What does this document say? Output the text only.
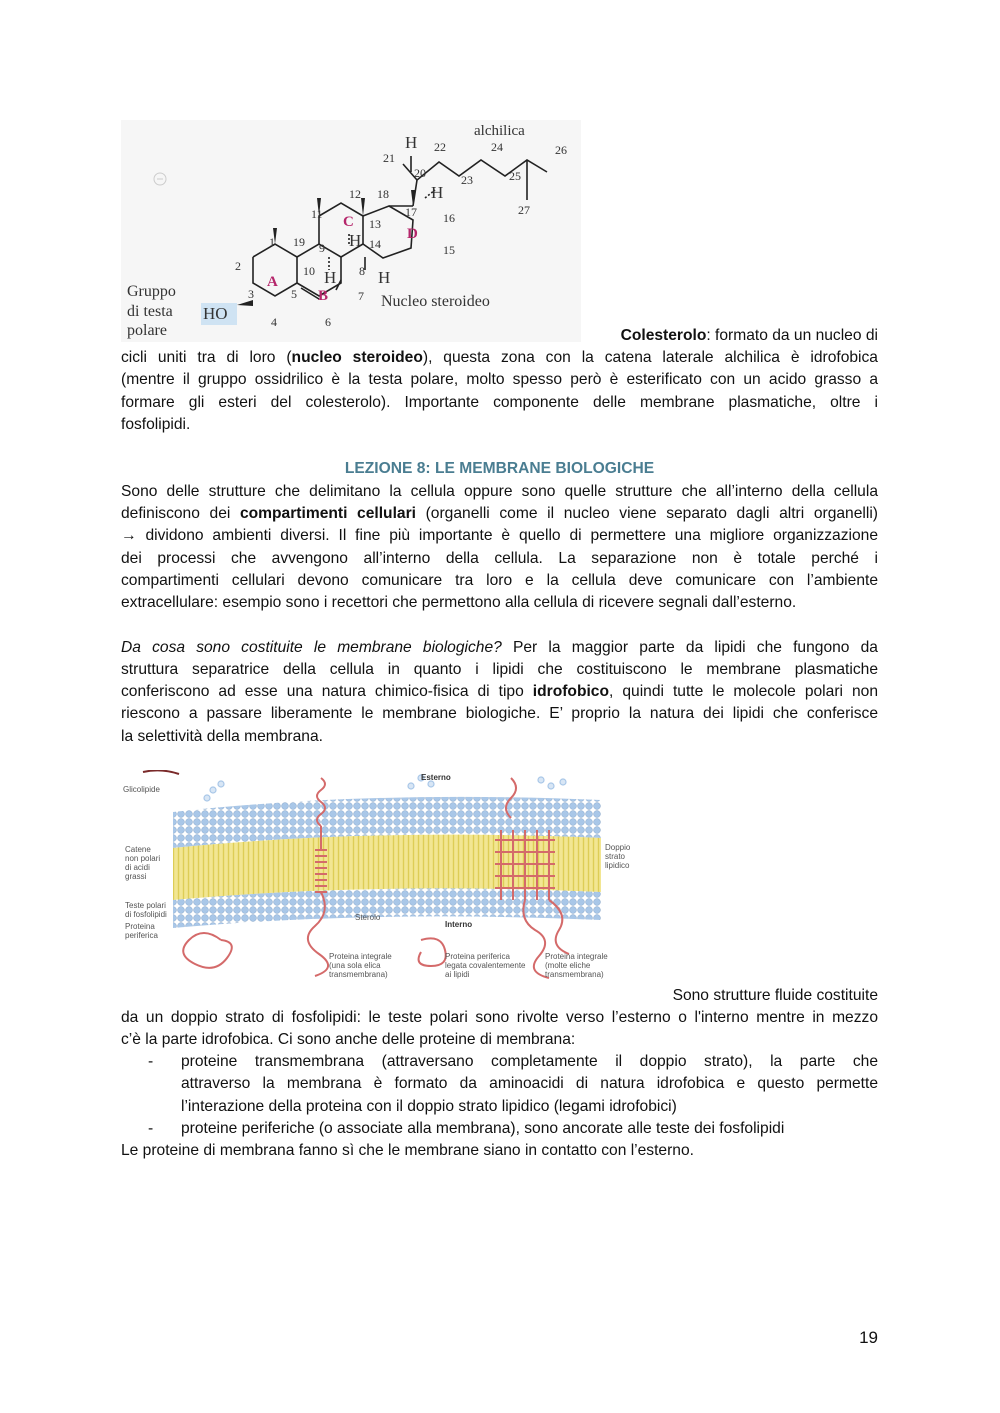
alchilica
H
H
H
H H
A
B
C
D
Nucleo steroideo
Gruppo
di testa
polare
HO
1
2
3
4
5
6
7
8
9
10
11
12
13
14	15
16
17
18
19
20
21
22
23
24
25
26
27
Colesterolo: formato da un nucleo di
cicli uniti tra di loro (nucleo steroideo), questa zona con la catena laterale alchilica è idrofobica
(mentre il gruppo ossidrilico è la testa polare, molto spesso però è esterificato con un acido grasso a
formare gli esteri del colesterolo). Importante componente delle membrane plasmatiche, oltre i
fosfolipidi.
LEZIONE 8: LE MEMBRANE BIOLOGICHE
Sono delle strutture che delimitano la cellula oppure sono quelle strutture che all’interno della cellula
definiscono dei compartimenti cellulari (organelli come il nucleo viene separato dagli altri organelli)
→ dividono ambienti diversi. Il fine più importante è quello di permettere una migliore organizzazione
dei processi che avvengono all’interno della cellula. La separazione non è totale perché i
compartimenti cellulari devono comunicare tra loro e la cellula deve comunicare con l’ambiente
extracellulare: esempio sono i recettori che permettono alla cellula di ricevere segnali dall’esterno.
Da cosa sono costituite le membrane biologiche? Per la maggior parte da lipidi che fungono da
struttura separatrice della cellula in quanto i lipidi che costituiscono le membrane plasmatiche
conferiscono ad esse una natura chimico-fisica di tipo idrofobico, quindi tutte le molecole polari non
riescono a passare liberamente le membrane biologiche. E’ proprio la natura dei lipidi che conferisce
la selettività della membrana.
Esterno
Interno
Glicolipide
Catene
non polari
di acidi
grassi
Teste polari
di fosfolipidi
Proteina
periferica
Sterolo
Doppio
strato
lipidico
Proteina integrale
(una sola elica
transmembrana)
Proteina periferica
legata covalentemente
ai lipidi
Proteina integrale
(molte eliche
transmembrana)
Sono strutture fluide costituite
da un doppio strato di fosfolipidi: le teste polari sono rivolte verso l’esterno o l'interno mentre in mezzo
c’è la parte idrofobica. Ci sono anche delle proteine di membrana:
- proteine transmembrana (attraversano completamente il doppio strato), la parte che
attraverso la membrana è formato da aminoacidi di natura idrofobica e questo permette
l’interazione della proteina con il doppio strato lipidico (legami idrofobici)
- proteine periferiche (o associate alla membrana), sono ancorate alle teste dei fosfolipidi
Le proteine di membrana fanno sì che le membrane siano in contatto con l’esterno.
19
